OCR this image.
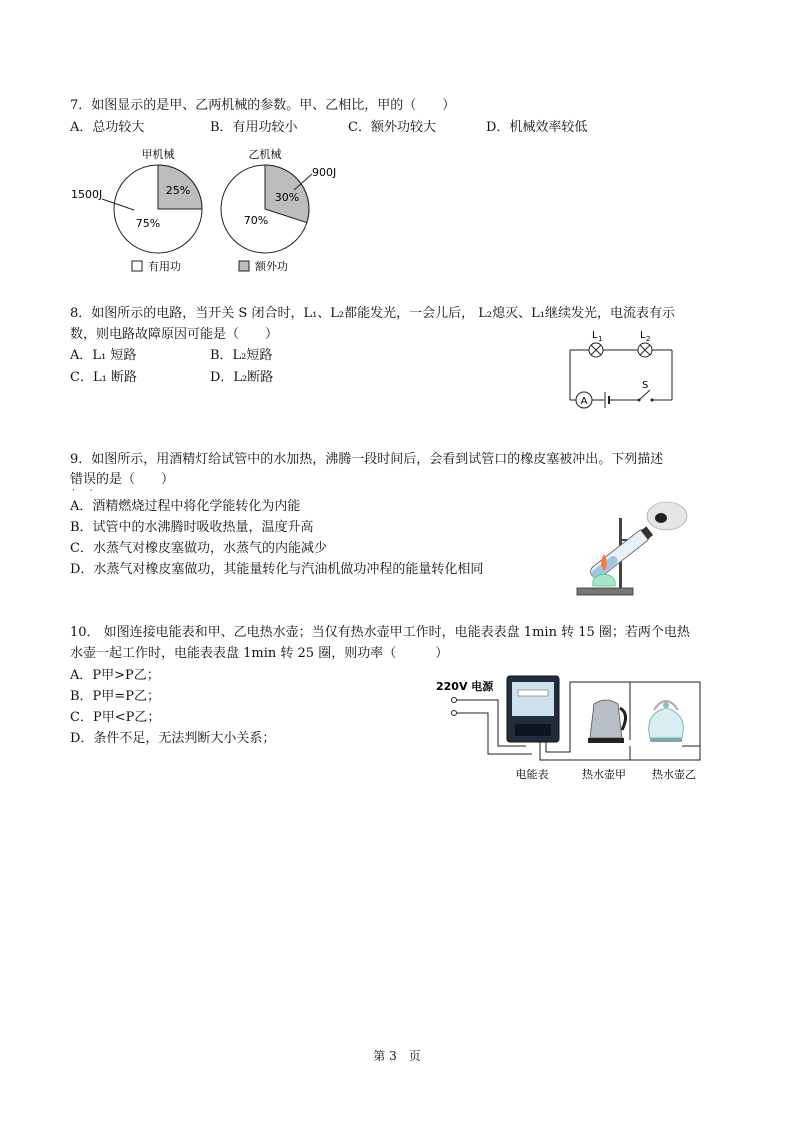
7．如图显示的是甲、乙两机械的参数。甲、乙相比，甲的（　　）
A．总功较大	B．有用功较小	C．额外功较大	D．机械效率较低
甲机械	乙机械
25%
75%
1500J	30%
70%
900J
有用功	额外功
8．如图所示的电路，当开关 S 闭合时，L₁、L₂都能发光，一会儿后， L₂熄灭、L₁继续发光，电流表有示
数，则电路故障原因可能是（　　）
A．L₁ 短路	B．L₂短路
C．L₁ 断路	D．L₂断路
A
S
L 1	L 2
9．如图所示，用酒精灯给试管中的水加热，沸腾一段时间后，会看到试管口的橡皮塞被冲出。下列描述
错误的是（　　）
· ·
A．酒精燃烧过程中将化学能转化为内能
B．试管中的水沸腾时吸收热量，温度升高
C．水蒸气对橡皮塞做功，水蒸气的内能减少
D．水蒸气对橡皮塞做功，其能量转化与汽油机做功冲程的能量转化相同
10． 如图连接电能表和甲、乙电热水壶；当仅有热水壶甲工作时，电能表表盘 1min 转 15 圈；若两个电热
水壶一起工作时，电能表表盘 1min 转 25 圈，则功率（　　　）
A．P甲>P乙；
B．P甲=P乙；
C．P甲<P乙；
D．条件不足，无法判断大小关系；
220V 电源
电能表	热水壶甲 热水壶乙
第 3　页
